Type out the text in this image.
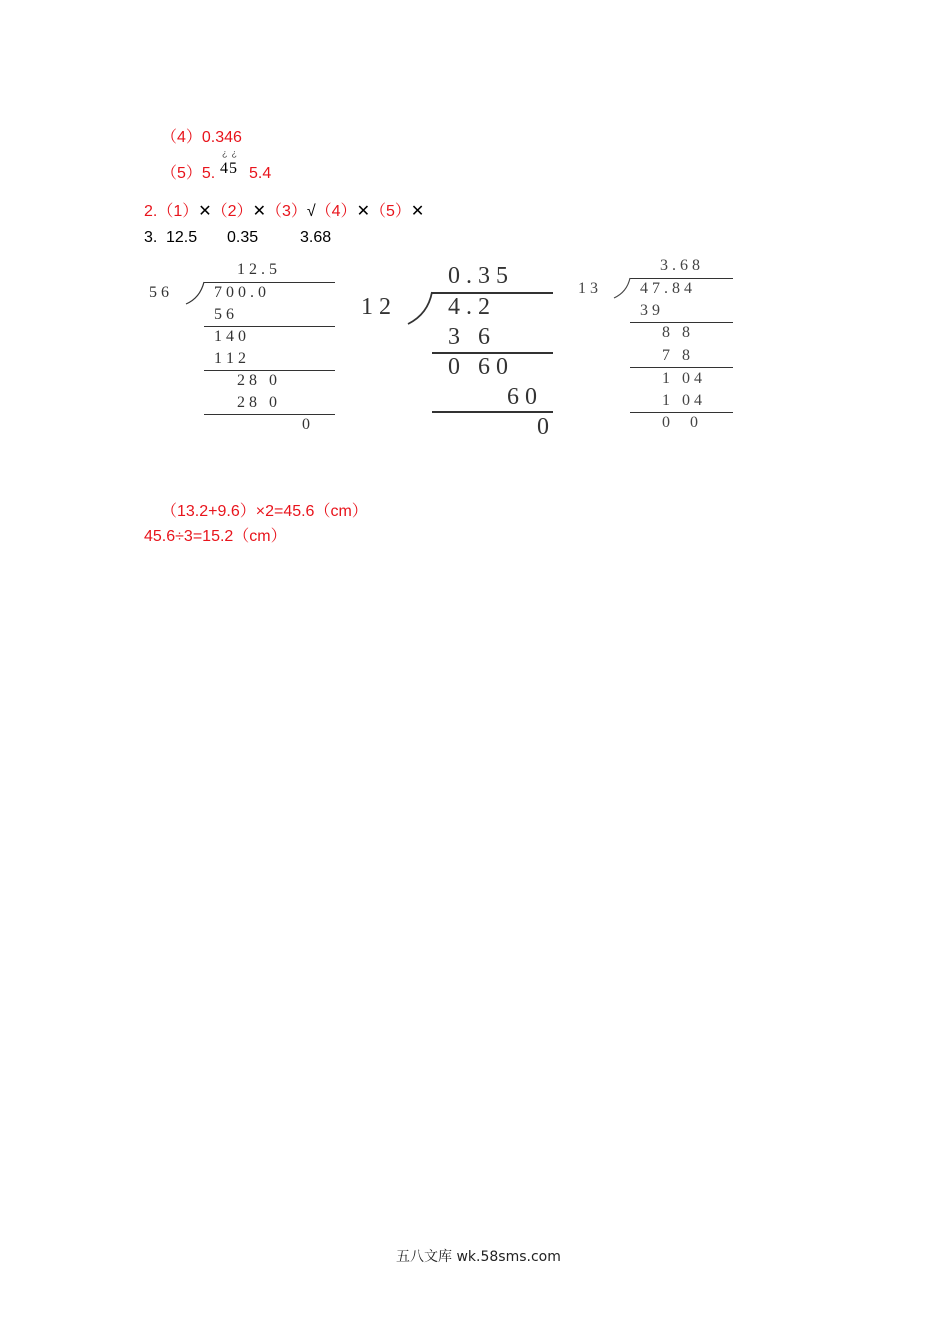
（4）0.346
（5）5.
¿¿
45 5.4
2.（1）✕（2）✕（3）√（4）✕（5）✕
3. 12.5 0.35	3.68
1 2 . 5
5 6	7 0 0 . 0
5 6
1 4 0
1 1 2
2 8   0
2 8   0
0
0 . 3 5
1 2 4 . 2
3   6
0   6 0
6 0
0
3 . 6 8
1 3	4 7 . 8 4
3 9
8   8
7   8
1   0 4
1   0 4
0     0
（13.2+9.6）×2=45.6（cm）
45.6÷3=15.2（cm）
五八文库 wk.58sms.com
